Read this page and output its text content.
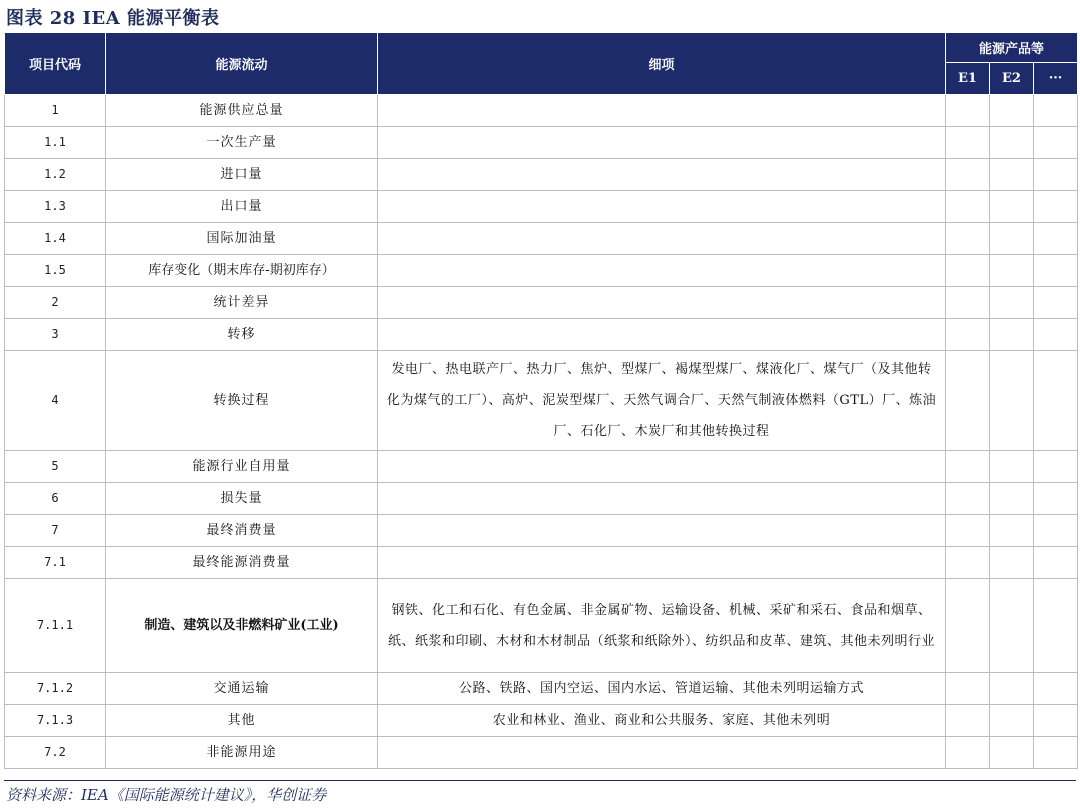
图表 28 IEA 能源平衡表
项目代码	能源流动	细项	能源产品等		
			E1	E2	···
1	能源供应总量				
1.1	一次生产量				
1.2	进口量				
1.3	出口量				
1.4	国际加油量				
1.5	库存变化（期末库存-期初库存）				
2	统计差异				
3	转移				
4	转换过程	发电厂、热电联产厂、热力厂、焦炉、型煤厂、褐煤型煤厂、煤液化厂、煤气厂（及其他转化为煤气的工厂）、高炉、泥炭型煤厂、天然气调合厂、天然气制液体燃料（GTL）厂、炼油厂、石化厂、木炭厂和其他转换过程			
5	能源行业自用量				
6	损失量				
7	最终消费量				
7.1	最终能源消费量				
7.1.1	制造、建筑以及非燃料矿业(工业)	钢铁、化工和石化、有色金属、非金属矿物、运输设备、机械、采矿和采石、食品和烟草、纸、纸浆和印刷、木材和木材制品（纸浆和纸除外）、纺织品和皮革、建筑、其他未列明行业			
7.1.2	交通运输	公路、铁路、国内空运、国内水运、管道运输、其他未列明运输方式			
7.1.3	其他	农业和林业、渔业、商业和公共服务、家庭、其他未列明			
7.2	非能源用途				
资料来源：IEA《国际能源统计建议》，华创证券
